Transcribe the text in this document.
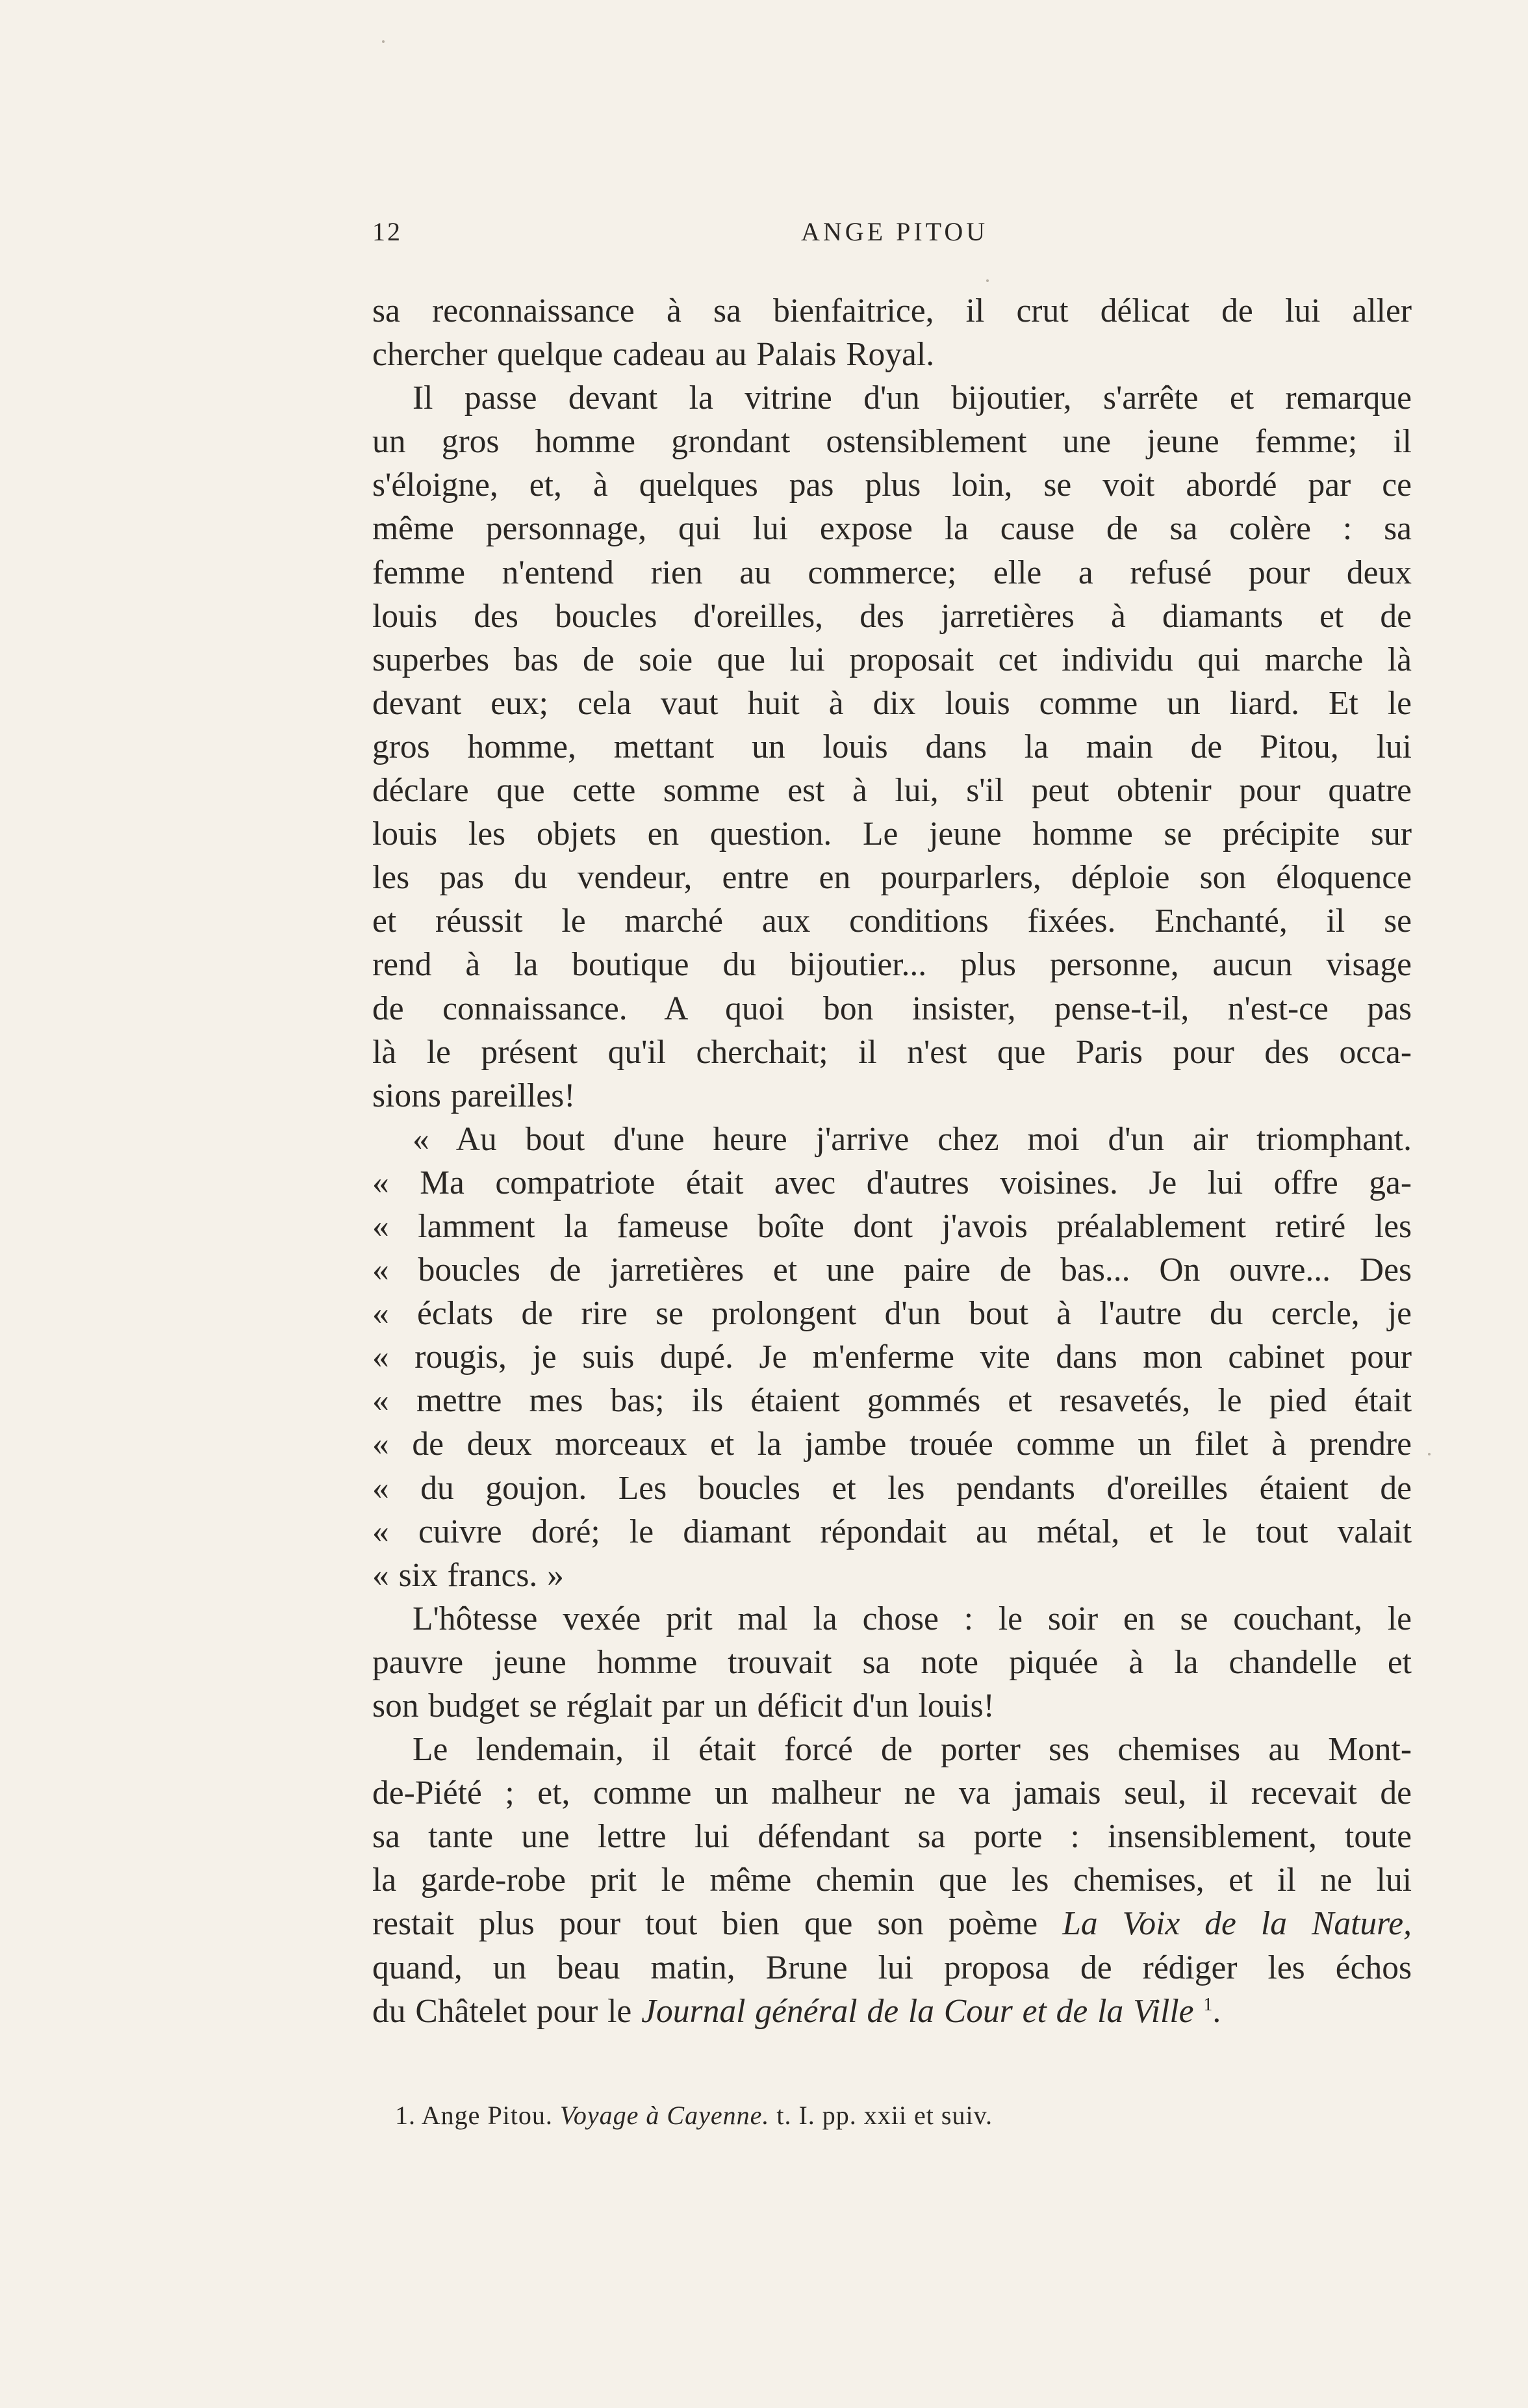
12	ANGE PITOU
sa reconnaissance à sa bienfaitrice, il crut délicat de lui aller
chercher quelque cadeau au Palais Royal.
Il passe devant la vitrine d'un bijoutier, s'arrête et remarque
un gros homme grondant ostensiblement une jeune femme; il
s'éloigne, et, à quelques pas plus loin, se voit abordé par ce
même personnage, qui lui expose la cause de sa colère : sa
femme n'entend rien au commerce; elle a refusé pour deux
louis des boucles d'oreilles, des jarretières à diamants et de
superbes bas de soie que lui proposait cet individu qui marche là
devant eux; cela vaut huit à dix louis comme un liard. Et le
gros homme, mettant un louis dans la main de Pitou, lui
déclare que cette somme est à lui, s'il peut obtenir pour quatre
louis les objets en question. Le jeune homme se précipite sur
les pas du vendeur, entre en pourparlers, déploie son éloquence
et réussit le marché aux conditions fixées. Enchanté, il se
rend à la boutique du bijoutier... plus personne, aucun visage
de connaissance. A quoi bon insister, pense-t-il, n'est-ce pas
là le présent qu'il cherchait; il n'est que Paris pour des occa-
sions pareilles!
« Au bout d'une heure j'arrive chez moi d'un air triomphant.
« Ma compatriote était avec d'autres voisines. Je lui offre ga-
« lamment la fameuse boîte dont j'avois préalablement retiré les
« boucles de jarretières et une paire de bas... On ouvre... Des
« éclats de rire se prolongent d'un bout à l'autre du cercle, je
« rougis, je suis dupé. Je m'enferme vite dans mon cabinet pour
« mettre mes bas; ils étaient gommés et resavetés, le pied était
« de deux morceaux et la jambe trouée comme un filet à prendre
« du goujon. Les boucles et les pendants d'oreilles étaient de
« cuivre doré; le diamant répondait au métal, et le tout valait
« six francs. »
L'hôtesse vexée prit mal la chose : le soir en se couchant, le
pauvre jeune homme trouvait sa note piquée à la chandelle et
son budget se réglait par un déficit d'un louis!
Le lendemain, il était forcé de porter ses chemises au Mont-
de-Piété ; et, comme un malheur ne va jamais seul, il recevait de
sa tante une lettre lui défendant sa porte : insensiblement, toute
la garde-robe prit le même chemin que les chemises, et il ne lui
restait plus pour tout bien que son poème La Voix de la Nature,
quand, un beau matin, Brune lui proposa de rédiger les échos
du Châtelet pour le Journal général de la Cour et de la Ville $^1$.
1. Ange Pitou. Voyage à Cayenne. t. I. pp. xxii et suiv.
